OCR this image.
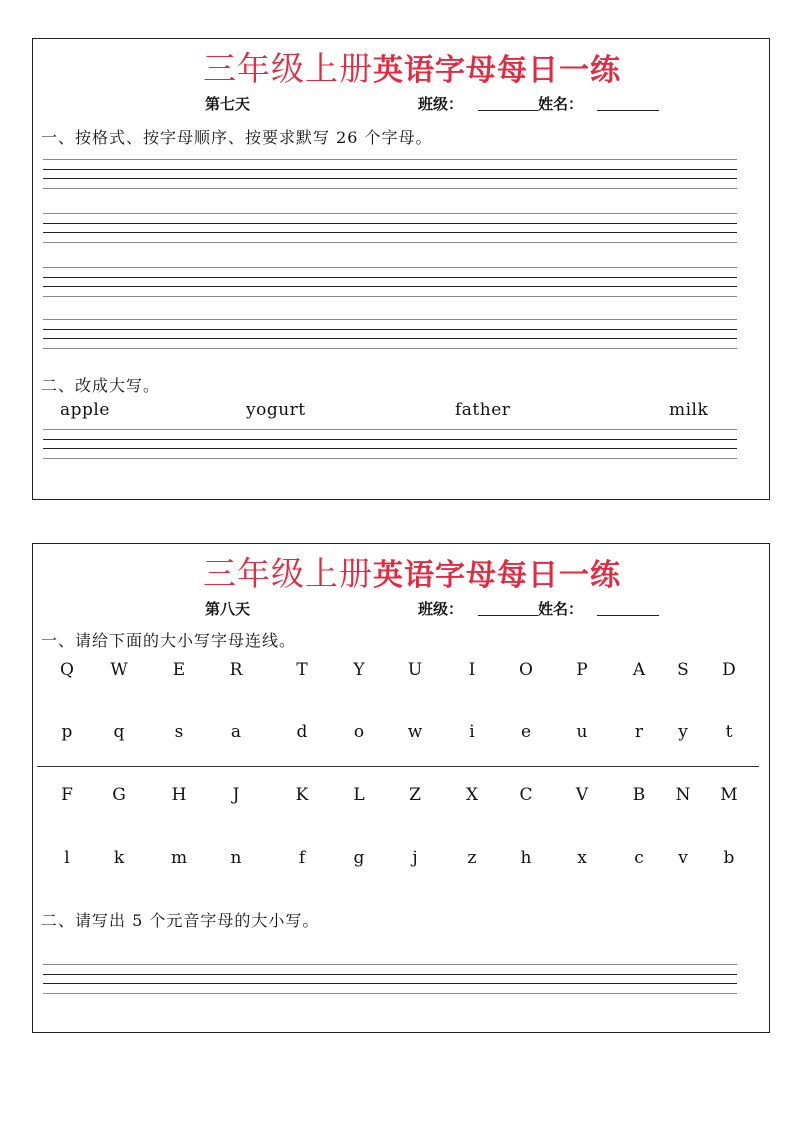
三年级上册英语字母每日一练
第七天	班级：	姓名：
一、按格式、按字母顺序、按要求默写 26 个字母。
二、改成大写。
apple	yogurt	father	milk
三年级上册英语字母每日一练
第八天	班级：	姓名：
一、请给下面的大小写字母连线。
Q W	E	R	T	Y	U	I	O	P	A S D
p q	s	a	d	o	w	i	e	u	r y t
F G	H	J	K	L	Z	X C	V	B N M
l	k	m	n	f	g	j	z	h	x	c v b
二、请写出 5 个元音字母的大小写。
